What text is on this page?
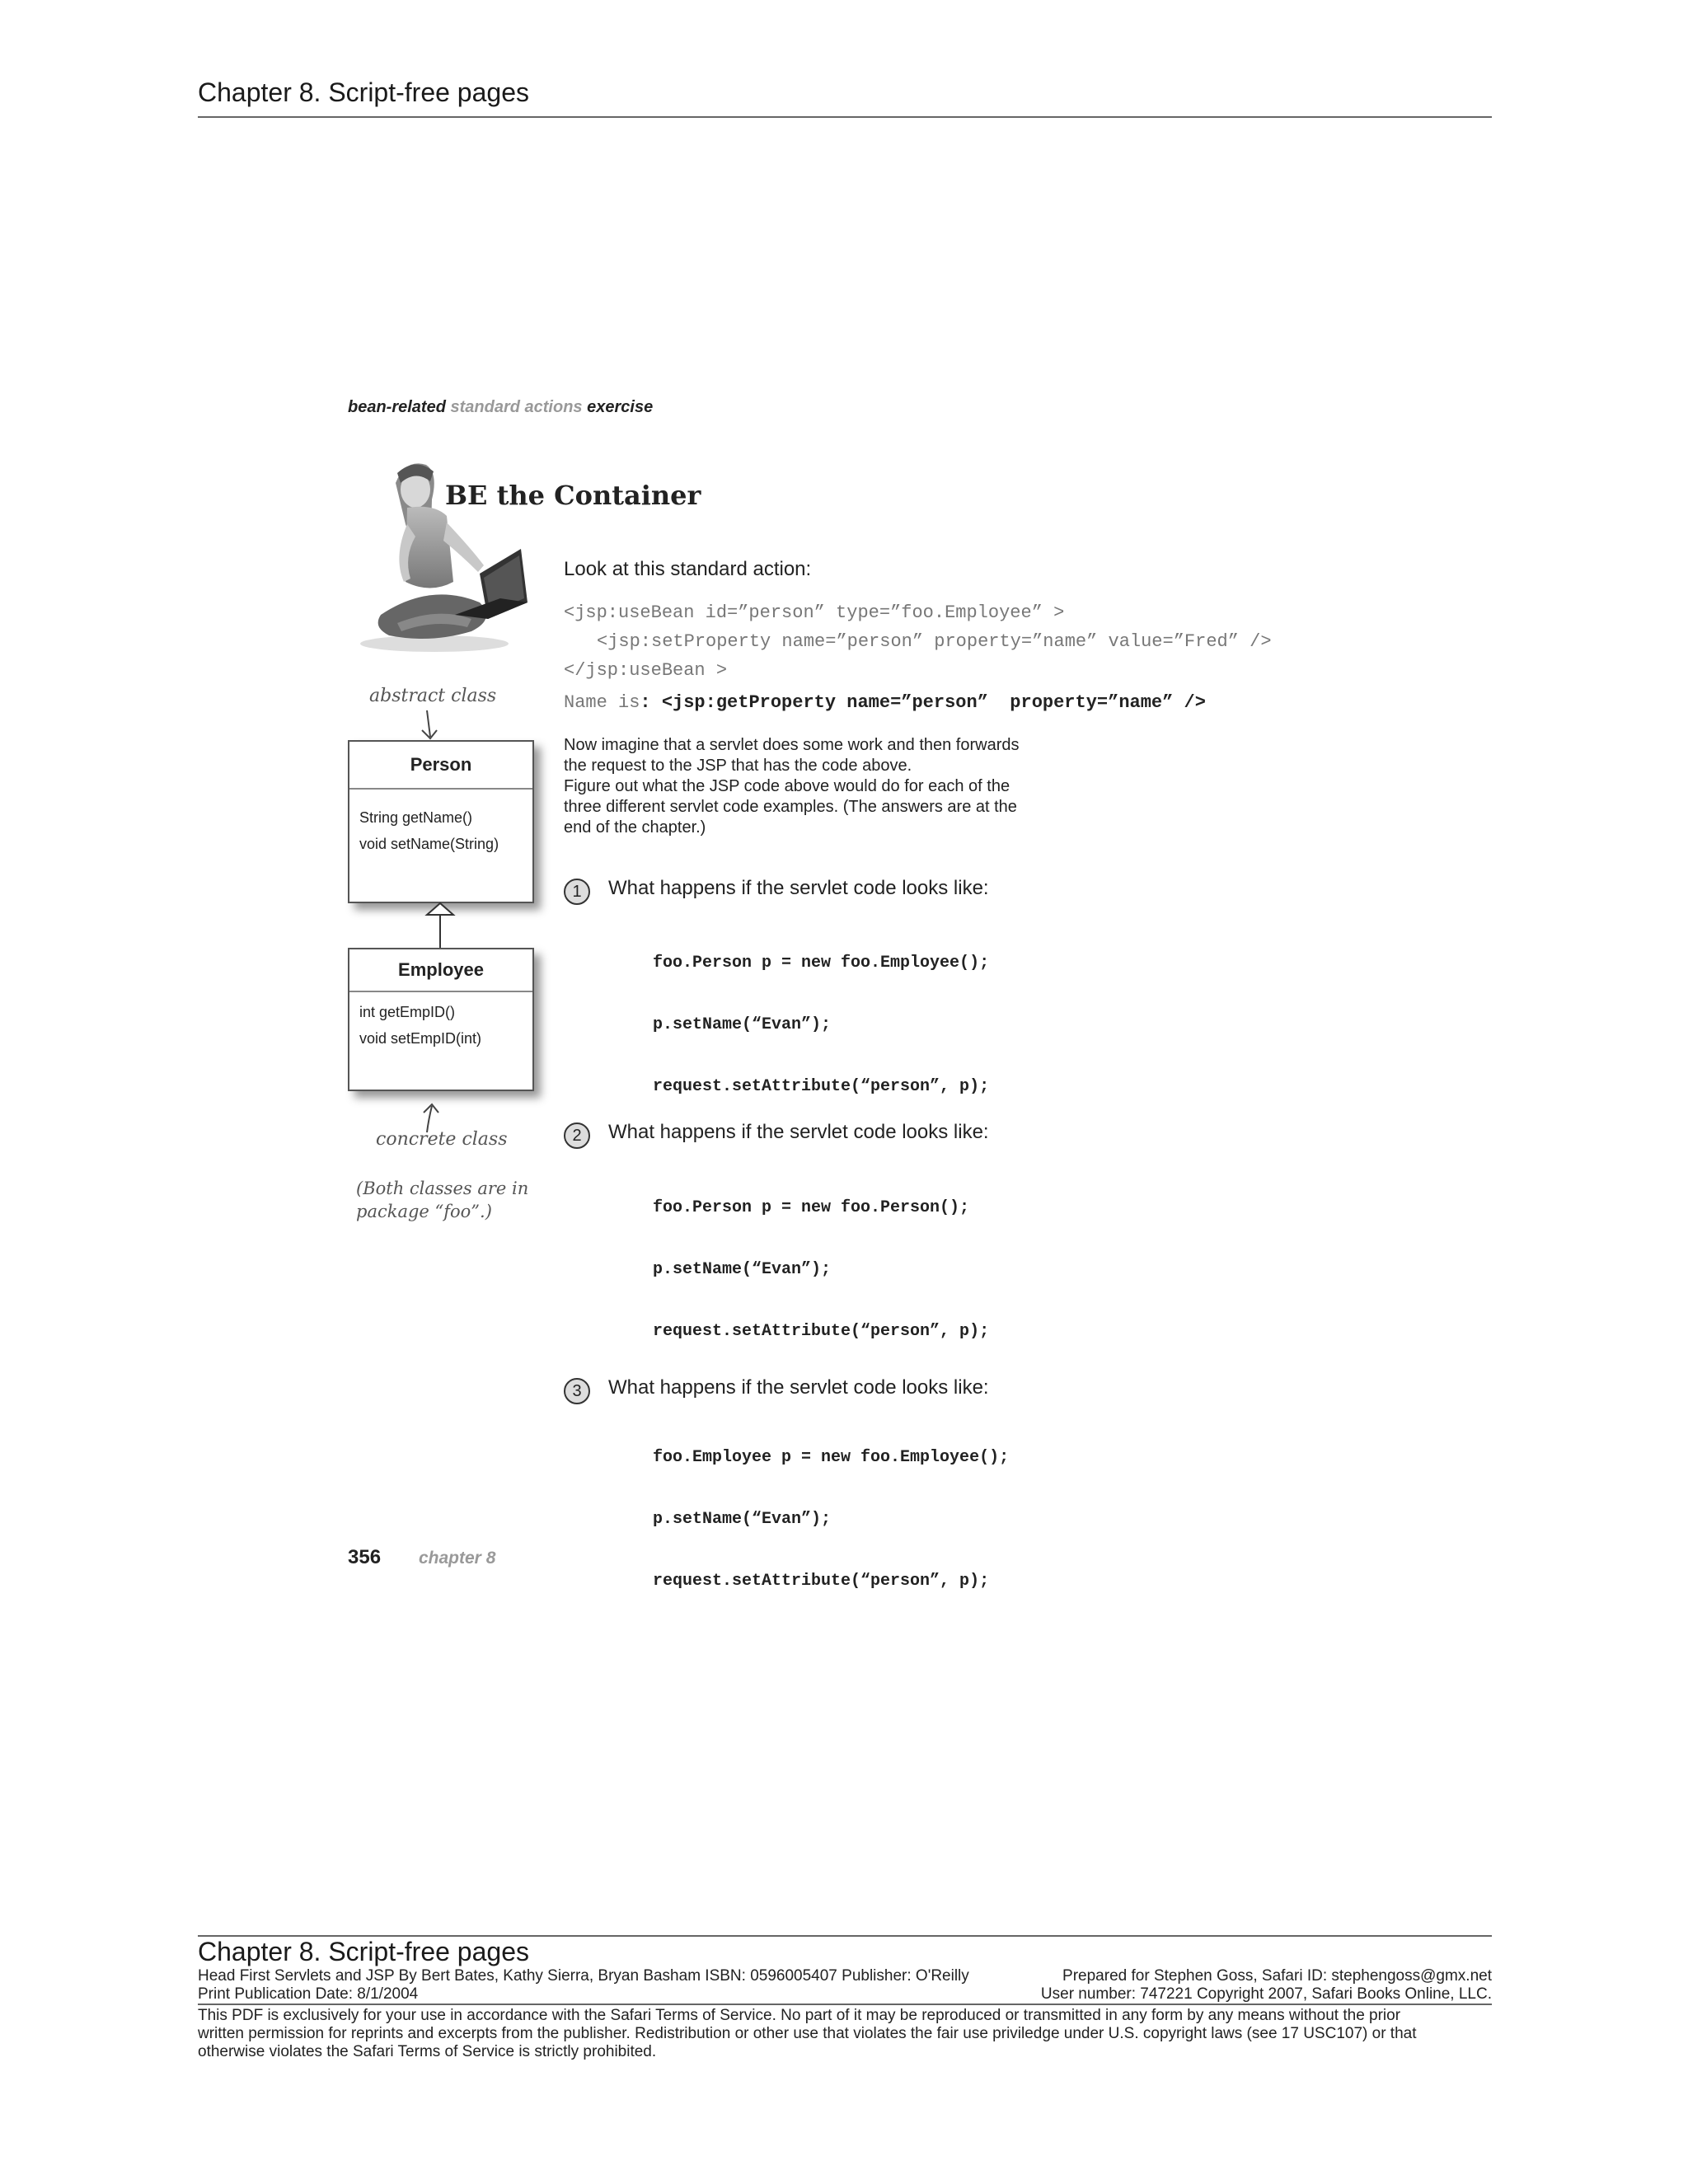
Chapter 8. Script-free pages
bean-related standard actions exercise
BE the Container
Look at this standard action:
<jsp:useBean id=”person” type=”foo.Employee” >
<jsp:setProperty name=”person” property=”name” value=”Fred” />
</jsp:useBean >
Name is: <jsp:getProperty name=”person”  property=”name” />
Now imagine that a servlet does some work and then forwards
the request to the JSP that has the code above.
Figure out what the JSP code above would do for each of the
three different servlet code examples. (The answers are at the
end of the chapter.)
abstract class
Person
String getName()
void setName(String)
Employee
int getEmpID()
void setEmpID(int)
concrete class
(Both classes are in
package “foo”.)
1	What happens if the servlet code looks like:

foo.Person p = new foo.Employee();

p.setName(“Evan”);

request.setAttribute(“person”, p);

2	What happens if the servlet code looks like:

foo.Person p = new foo.Person();

p.setName(“Evan”);

request.setAttribute(“person”, p);

3	What happens if the servlet code looks like:

foo.Employee p = new foo.Employee();

p.setName(“Evan”);

request.setAttribute(“person”, p);

356 chapter 8
Chapter 8. Script-free pages
Head First Servlets and JSP By Bert Bates, Kathy Sierra, Bryan Basham ISBN: 0596005407 Publisher: O'Reilly	Prepared for Stephen Goss, Safari ID: stephengoss@gmx.net
Print Publication Date: 8/1/2004	User number: 747221 Copyright 2007, Safari Books Online, LLC.
This PDF is exclusively for your use in accordance with the Safari Terms of Service. No part of it may be reproduced or transmitted in any form by any means without the prior
written permission for reprints and excerpts from the publisher. Redistribution or other use that violates the fair use priviledge under U.S. copyright laws (see 17 USC107) or that
otherwise violates the Safari Terms of Service is strictly prohibited.
